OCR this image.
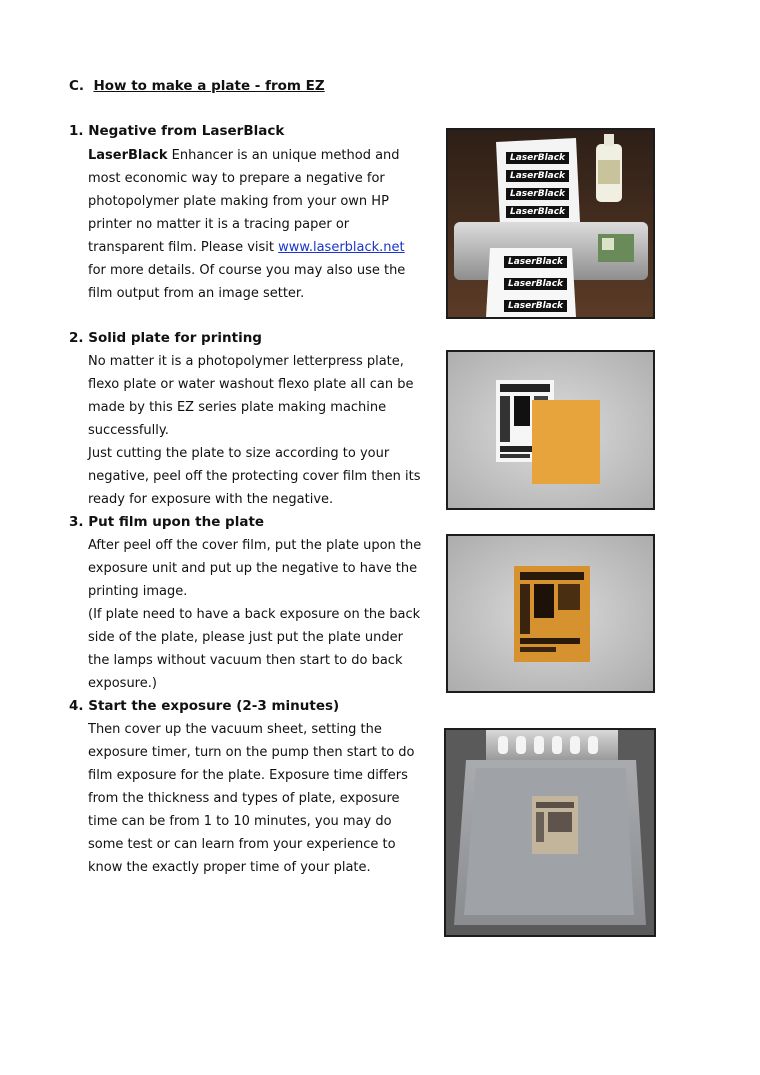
C. How to make a plate - from EZ
1. Negative from LaserBlack
LaserBlack Enhancer is an unique method and
most economic way to prepare a negative for
photopolymer plate making from your own HP
printer no matter it is a tracing paper or
transparent film. Please visit www.laserblack.net
for more details. Of course you may also use the
film output from an image setter.
2. Solid plate for printing
No matter it is a photopolymer letterpress plate,
flexo plate or water washout flexo plate all can be
made by this EZ series plate making machine
successfully.
Just cutting the plate to size according to your
negative, peel off the protecting cover film then its
ready for exposure with the negative.
3. Put film upon the plate
After peel off the cover film, put the plate upon the
exposure unit and put up the negative to have the
printing image.
(If plate need to have a back exposure on the back
side of the plate, please just put the plate under
the lamps without vacuum then start to do back
exposure.)
4. Start the exposure (2-3 minutes)
Then cover up the vacuum sheet, setting the
exposure timer, turn on the pump then start to do
film exposure for the plate. Exposure time differs
from the thickness and types of plate, exposure
time can be from 1 to 10 minutes, you may do
some test or can learn from your experience to
know the exactly proper time of your plate.
LaserBlack
LaserBlack
LaserBlack
LaserBlack
LaserBlack
LaserBlack
LaserBlack
